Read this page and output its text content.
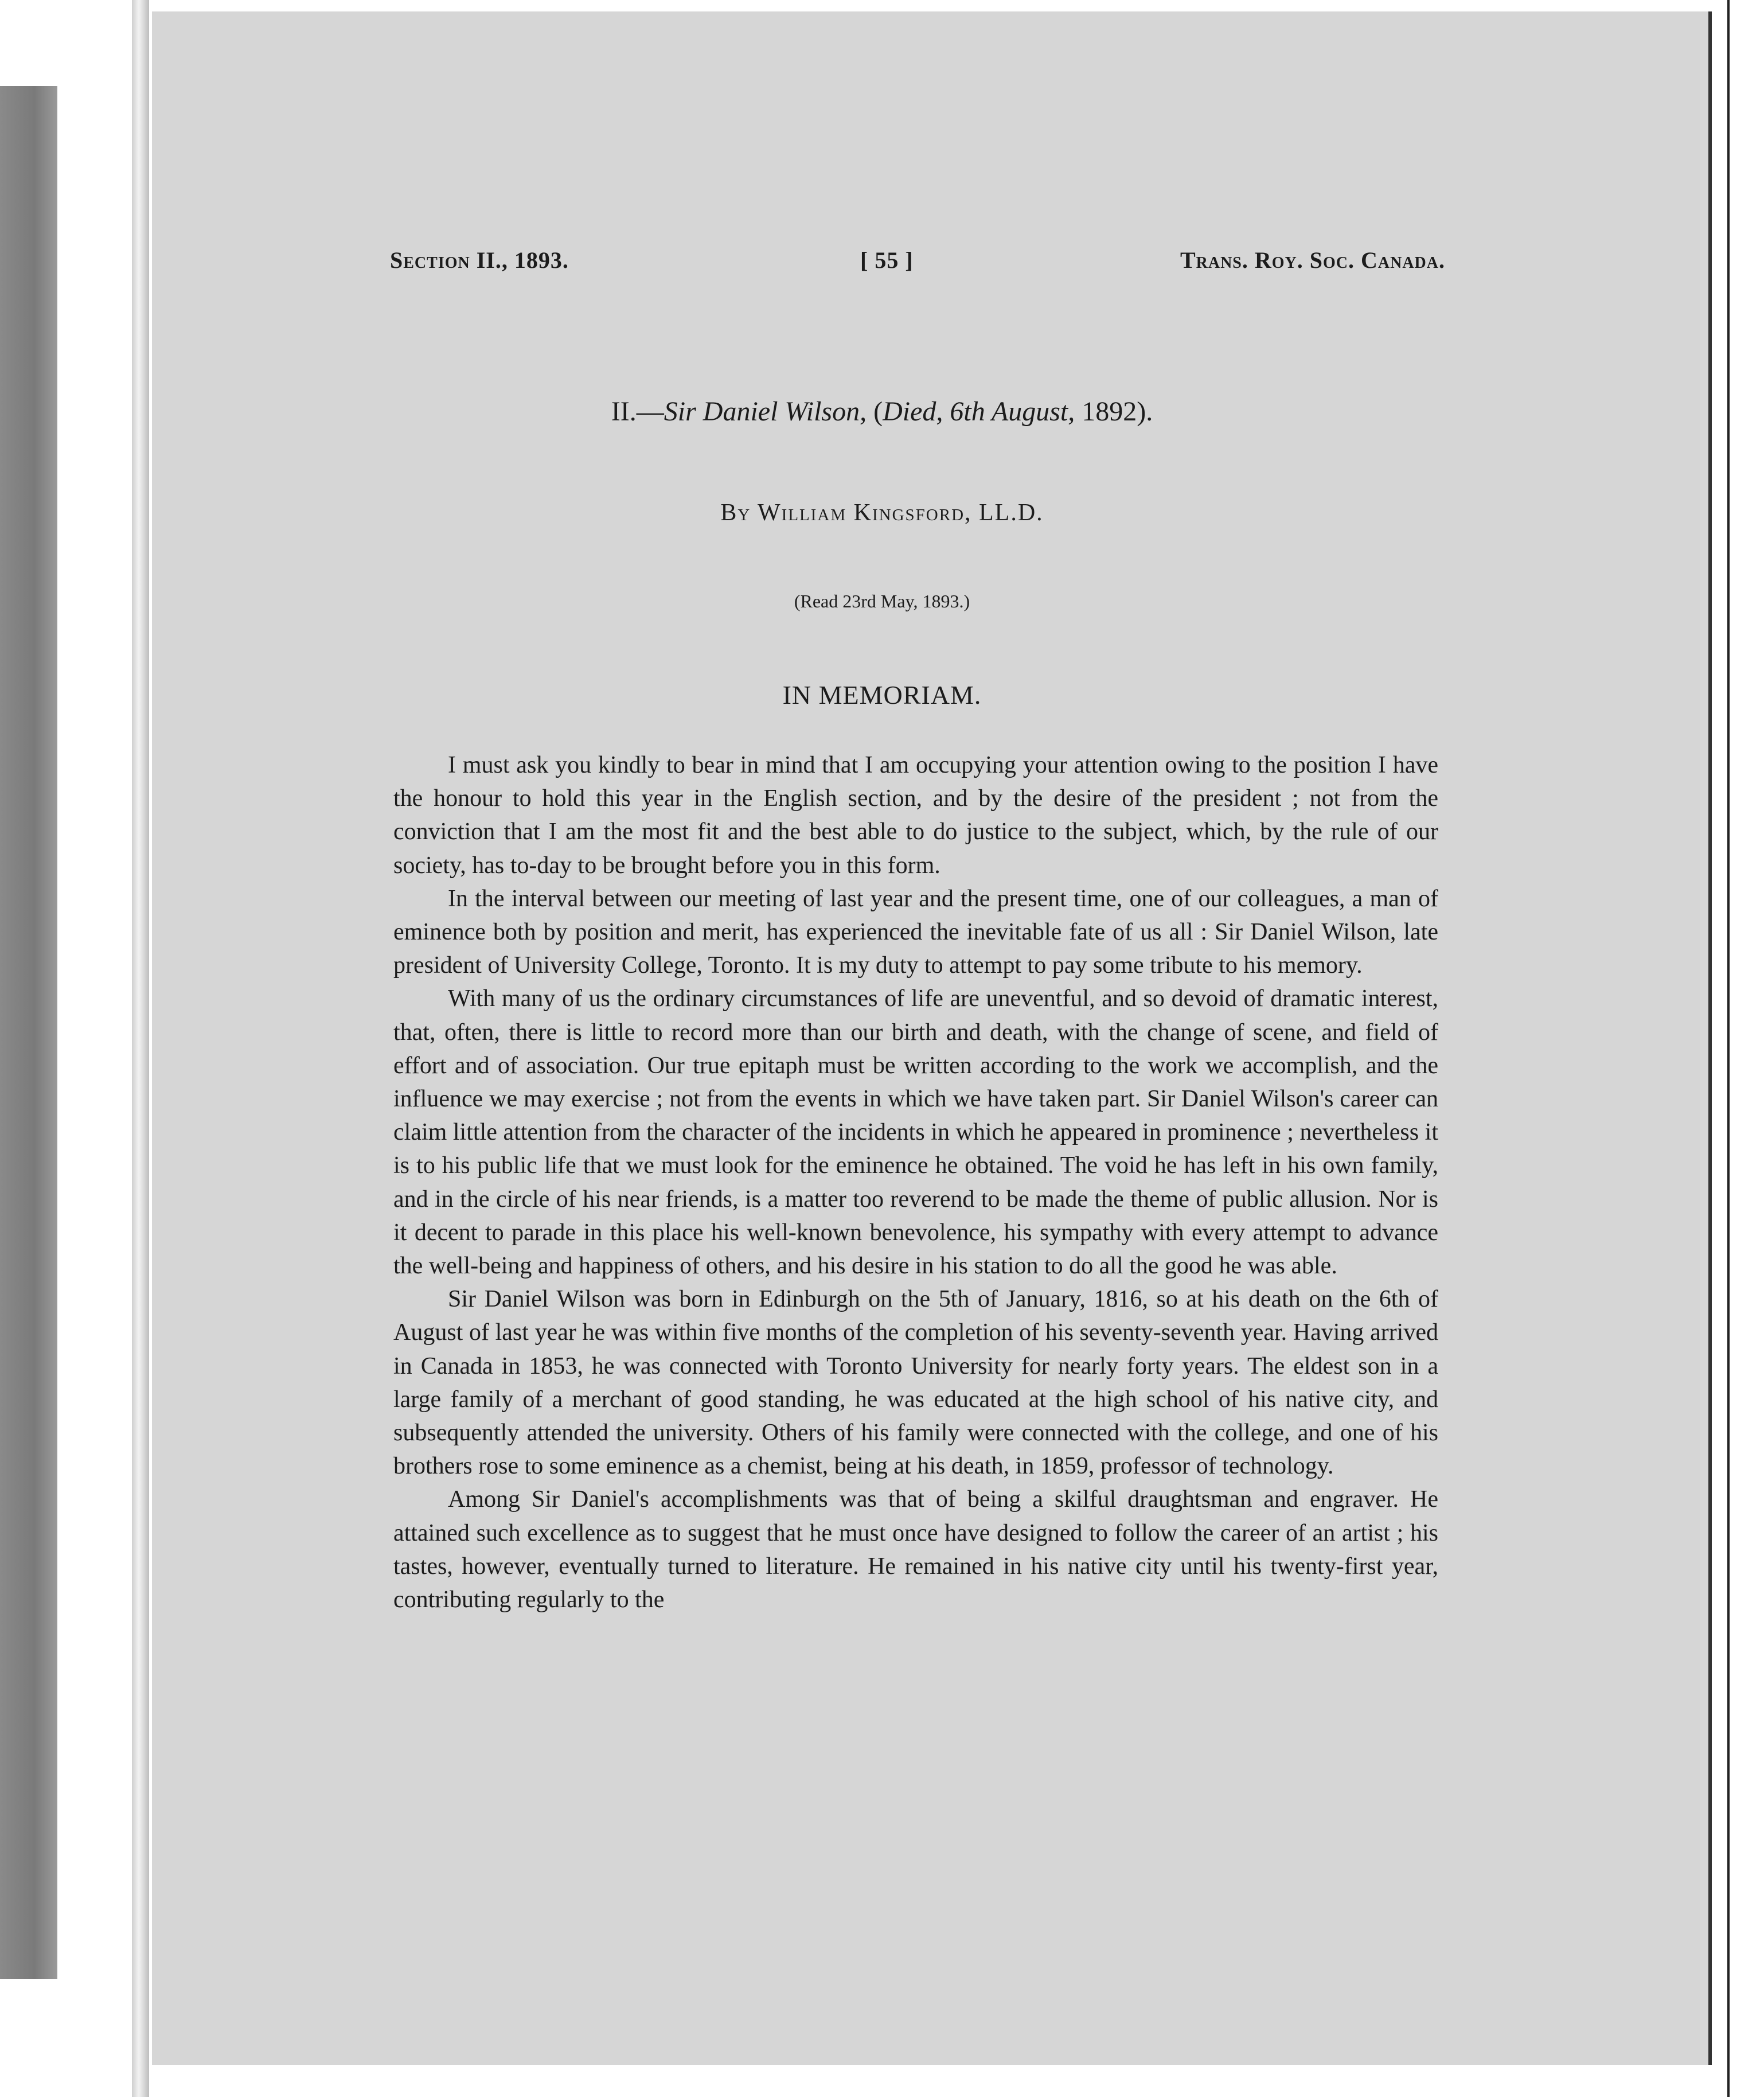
Section II., 1893.	[ 55 ]	Trans. Roy. Soc. Canada.
II.—Sir Daniel Wilson, (Died, 6th August, 1892).
By William Kingsford, LL.D.
(Read 23rd May, 1893.)
IN MEMORIAM.

I must ask you kindly to bear in mind that I am occupying your attention owing to the position I have the honour to hold this year in the English section, and by the desire of the president ; not from the conviction that I am the most fit and the best able to do justice to the subject, which, by the rule of our society, has to-day to be brought before you in this form.

In the interval between our meeting of last year and the present time, one of our colleagues, a man of eminence both by position and merit, has experienced the inevitable fate of us all : Sir Daniel Wilson, late president of University College, Toronto. It is my duty to attempt to pay some tribute to his memory.

With many of us the ordinary circumstances of life are uneventful, and so devoid of dramatic interest, that, often, there is little to record more than our birth and death, with the change of scene, and field of effort and of association. Our true epitaph must be written according to the work we accomplish, and the influence we may exercise ; not from the events in which we have taken part. Sir Daniel Wilson's career can claim little attention from the character of the incidents in which he appeared in prominence ; nevertheless it is to his public life that we must look for the eminence he obtained. The void he has left in his own family, and in the circle of his near friends, is a matter too reverend to be made the theme of public allusion. Nor is it decent to parade in this place his well-known benevolence, his sympathy with every attempt to advance the well-being and happiness of others, and his desire in his station to do all the good he was able.

Sir Daniel Wilson was born in Edinburgh on the 5th of January, 1816, so at his death on the 6th of August of last year he was within five months of the completion of his seventy-seventh year. Having arrived in Canada in 1853, he was connected with Toronto University for nearly forty years. The eldest son in a large family of a merchant of good standing, he was educated at the high school of his native city, and subsequently attended the university. Others of his family were connected with the college, and one of his brothers rose to some eminence as a chemist, being at his death, in 1859, professor of technology.

Among Sir Daniel's accomplishments was that of being a skilful draughtsman and engraver. He attained such excellence as to suggest that he must once have designed to follow the career of an artist ; his tastes, however, eventually turned to literature. He remained in his native city until his twenty-first year, contributing regularly to the
